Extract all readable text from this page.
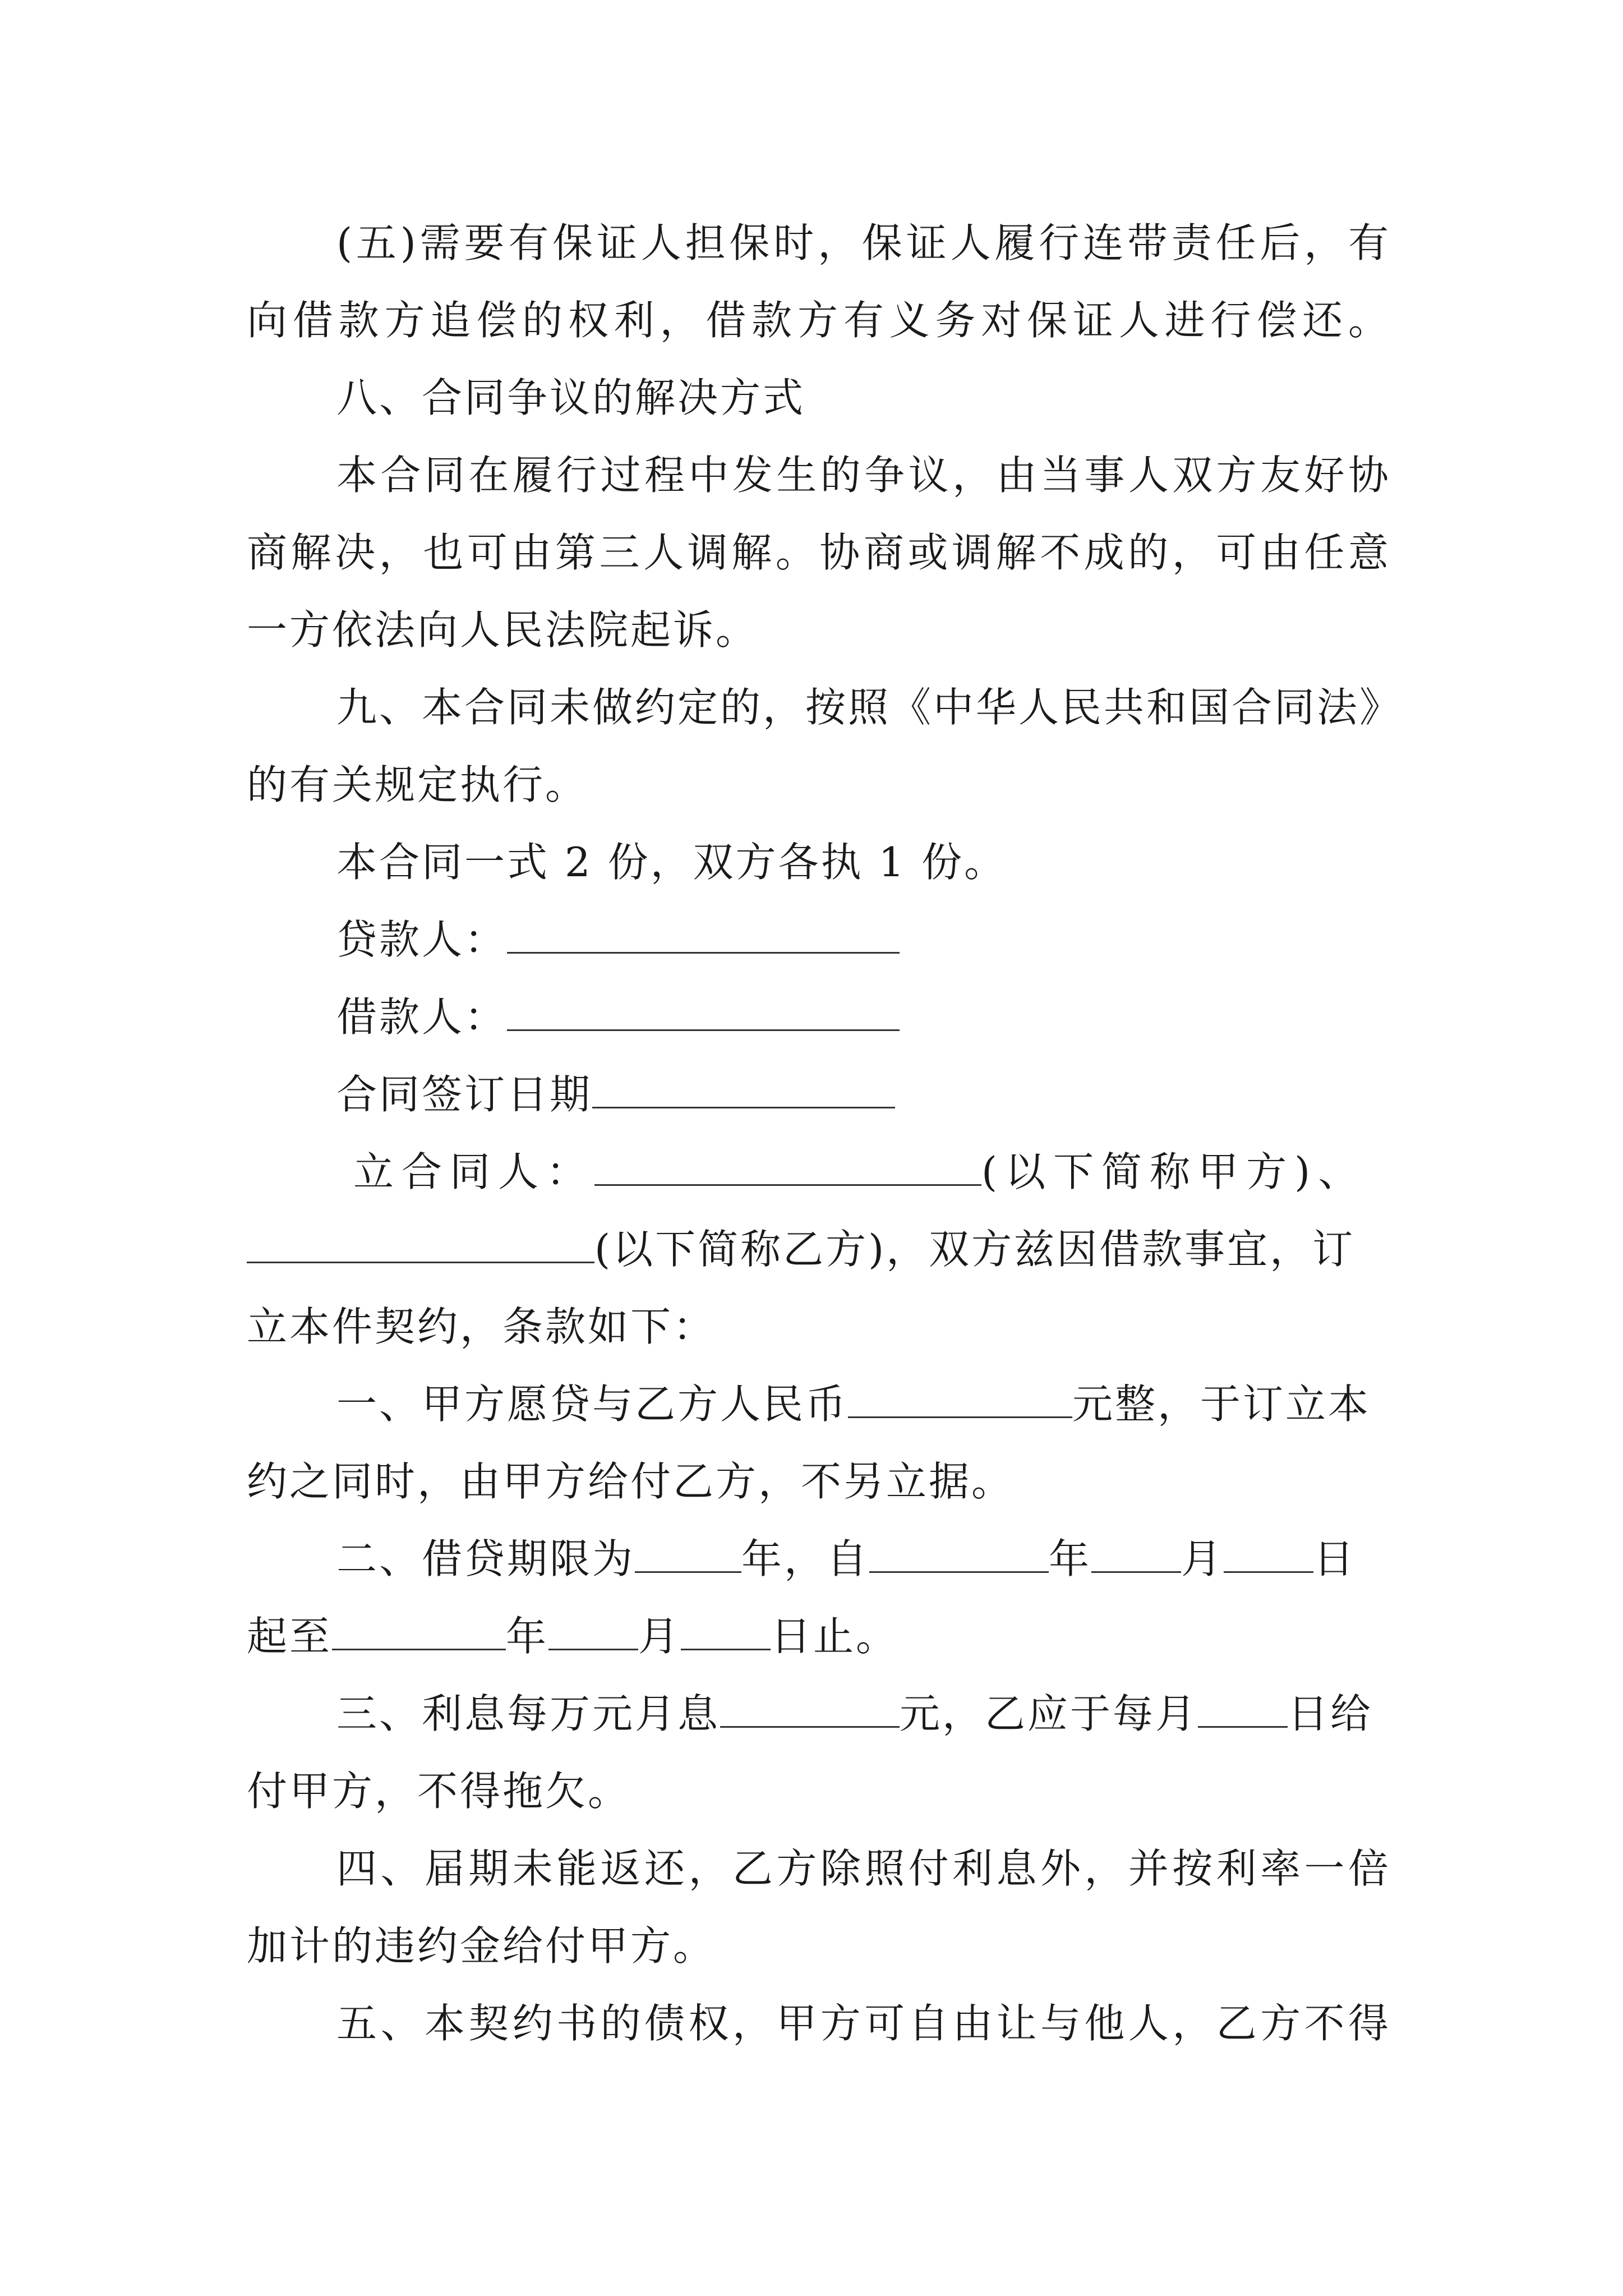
(五)需要有保证人担保时，保证人履行连带责任后，有
向借款方追偿的权利，借款方有义务对保证人进行偿还。
八、合同争议的解决方式
本合同在履行过程中发生的争议，由当事人双方友好协
商解决，也可由第三人调解。协商或调解不成的，可由任意
一方依法向人民法院起诉。
九、本合同未做约定的，按照《中华人民共和国合同法》
的有关规定执行。
本合同一式 2 份，双方各执 1 份。
贷款人：
借款人：
合同签订日期
立合同人：	(以下简称甲方)、
(以下简称乙方)，双方兹因借款事宜，订
立本件契约，条款如下：
一、甲方愿贷与乙方人民币	元整，于订立本
约之同时，由甲方给付乙方，不另立据。
二、借贷期限为	年，自	年 月 日
起至	年 月 日止。
三、利息每万元月息	元，乙应于每月 日给
付甲方，不得拖欠。
四、届期未能返还，乙方除照付利息外，并按利率一倍
加计的违约金给付甲方。
五、本契约书的债权，甲方可自由让与他人，乙方不得
